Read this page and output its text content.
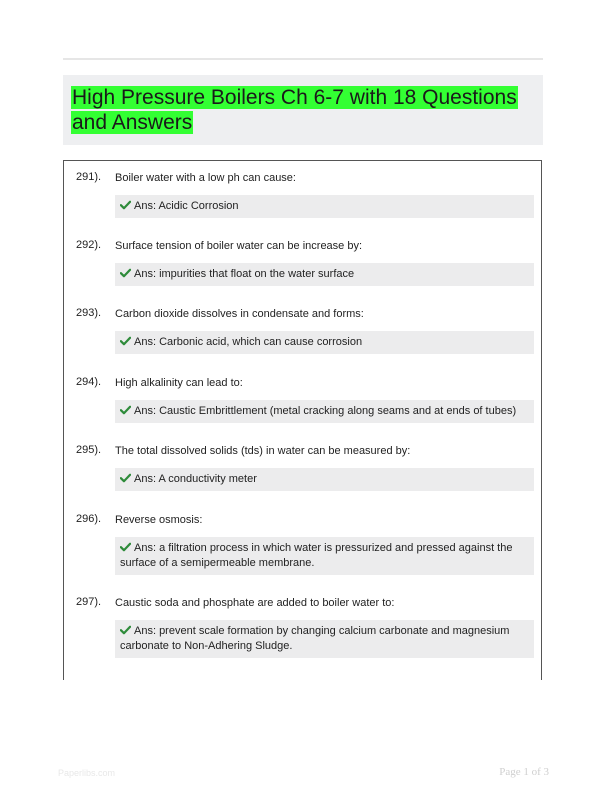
High Pressure Boilers Ch 6-7 with 18 Questions and Answers
291). Boiler water with a low ph can cause:
Ans: Acidic Corrosion
292). Surface tension of boiler water can be increase by:
Ans: impurities that float on the water surface
293). Carbon dioxide dissolves in condensate and forms:
Ans: Carbonic acid, which can cause corrosion
294). High alkalinity can lead to:
Ans: Caustic Embrittlement (metal cracking along seams and at ends of tubes)
295). The total dissolved solids (tds) in water can be measured by:
Ans: A conductivity meter
296). Reverse osmosis:
Ans: a filtration process in which water is pressurized and pressed against the surface of a semipermeable membrane.
297). Caustic soda and phosphate are added to boiler water to:
Ans: prevent scale formation by changing calcium carbonate and magnesium carbonate to Non-Adhering Sludge.
Paperlibs.com	Page 1 of 3
